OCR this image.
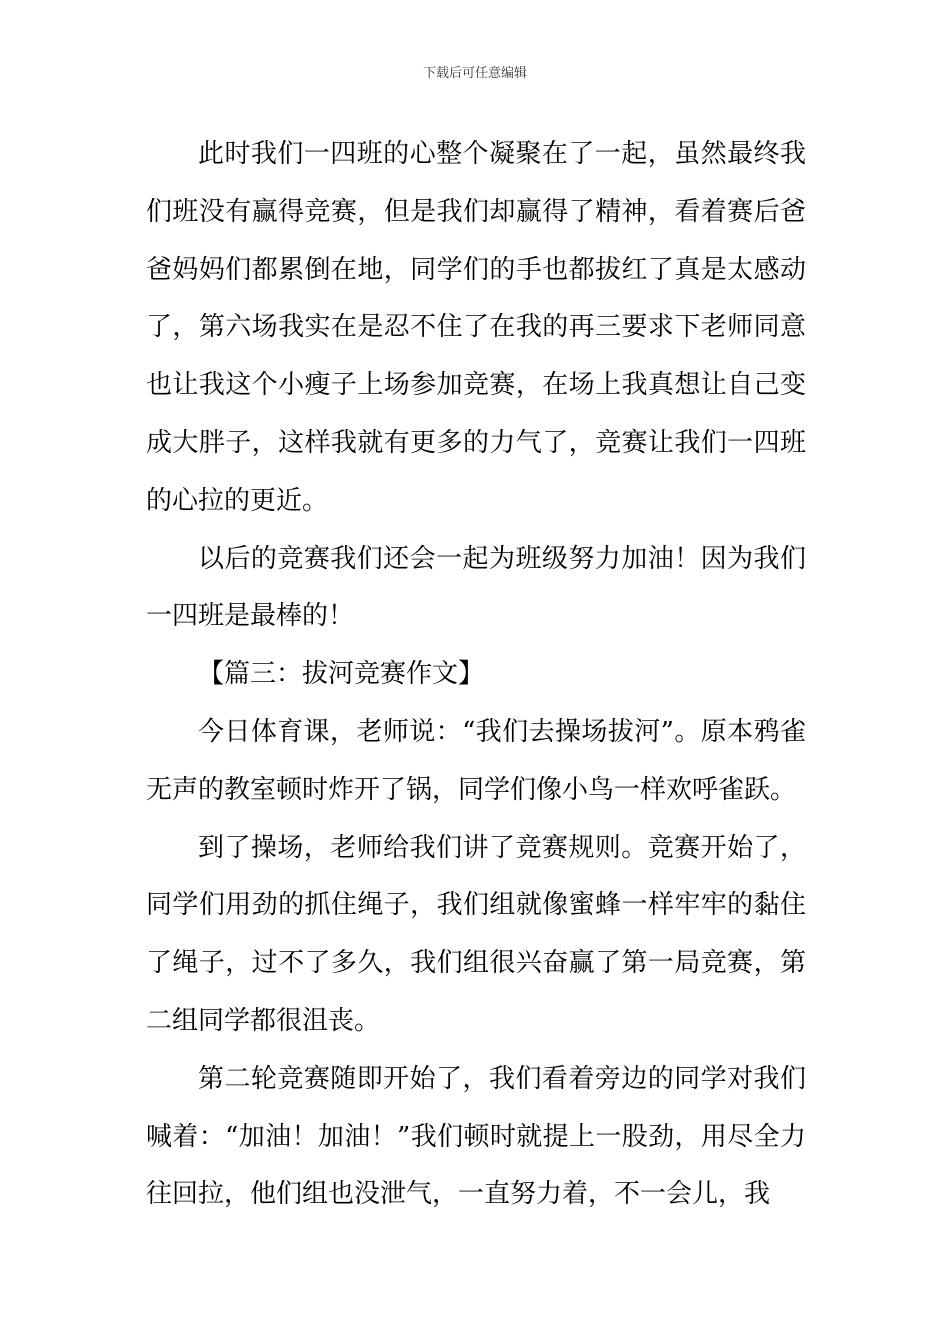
下载后可任意编辑

此时我们一四班的心整个凝聚在了一起，虽然最终我们班没有赢得竞赛，但是我们却赢得了精神，看着赛后爸爸妈妈们都累倒在地，同学们的手也都拔红了真是太感动了，第六场我实在是忍不住了在我的再三要求下老师同意也让我这个小瘦子上场参加竞赛，在场上我真想让自己变成大胖子，这样我就有更多的力气了，竞赛让我们一四班的心拉的更近。

以后的竞赛我们还会一起为班级努力加油！因为我们一四班是最棒的！

【篇三：拔河竞赛作文】

今日体育课，老师说：“我们去操场拔河”。原本鸦雀无声的教室顿时炸开了锅，同学们像小鸟一样欢呼雀跃。

到了操场，老师给我们讲了竞赛规则。竞赛开始了，同学们用劲的抓住绳子，我们组就像蜜蜂一样牢牢的黏住了绳子，过不了多久，我们组很兴奋赢了第一局竞赛，第二组同学都很沮丧。

第二轮竞赛随即开始了，我们看着旁边的同学对我们喊着：“加油！加油！”我们顿时就提上一股劲，用尽全力往回拉，他们组也没泄气，一直努力着，不一会儿，我
